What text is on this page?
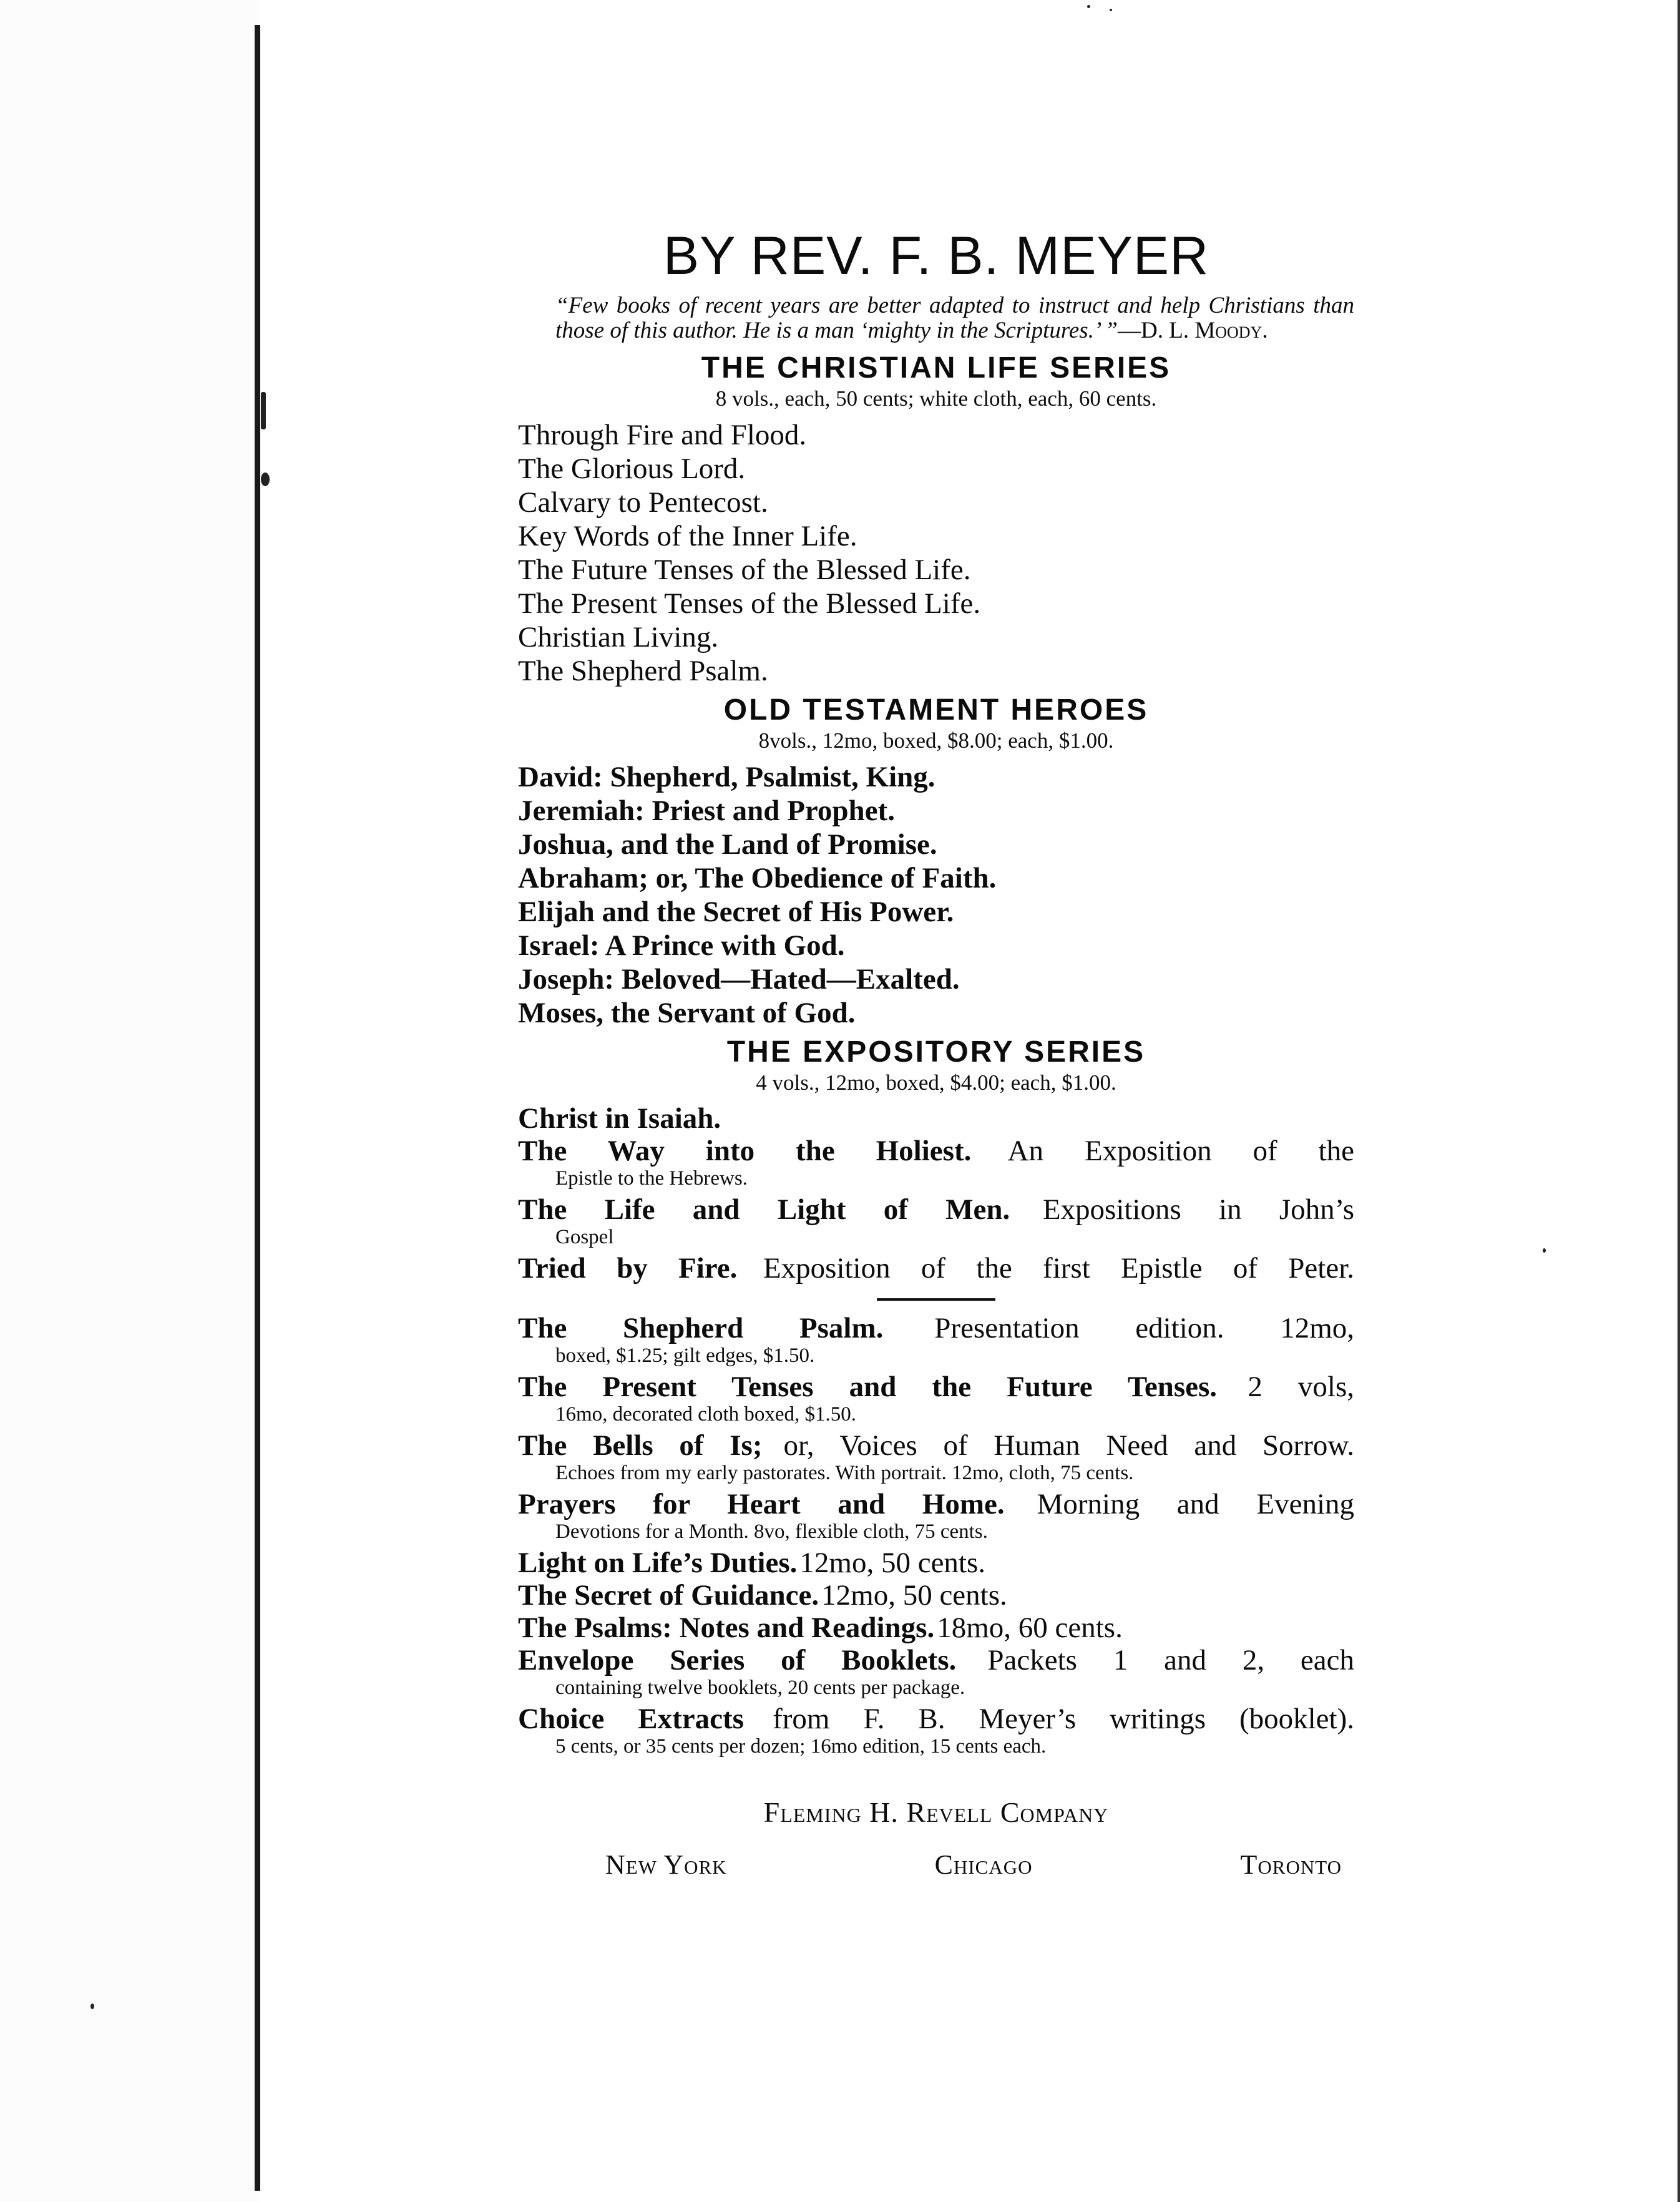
BY REV. F. B. MEYER

“Few books of recent years are better adapted to instruct and help Christians than those of this author. He is a man ‘mighty in the Scriptures.’ ”—D. L. Moody.

THE CHRISTIAN LIFE SERIES

8 vols., each, 50 cents; white cloth, each, 60 cents.

Through Fire and Flood.
The Glorious Lord.
Calvary to Pentecost.
Key Words of the Inner Life.
The Future Tenses of the Blessed Life.
The Present Tenses of the Blessed Life.
Christian Living.
The Shepherd Psalm.
OLD TESTAMENT HEROES

8vols., 12mo, boxed, $8.00; each, $1.00.

David: Shepherd, Psalmist, King.
Jeremiah: Priest and Prophet.
Joshua, and the Land of Promise.
Abraham; or, The Obedience of Faith.
Elijah and the Secret of His Power.
Israel: A Prince with God.
Joseph: Beloved—Hated—Exalted.
Moses, the Servant of God.
THE EXPOSITORY SERIES

4 vols., 12mo, boxed, $4.00; each, $1.00.

Christ in Isaiah.
The Way into the Holiest. An Exposition of the
Epistle to the Hebrews.
The Life and Light of Men. Expositions in John’s
Gospel
Tried by Fire. Exposition of the first Epistle of Peter.
The Shepherd Psalm. Presentation edition. 12mo,
boxed, $1.25; gilt edges, $1.50.
The Present Tenses and the Future Tenses. 2 vols,
16mo, decorated cloth boxed, $1.50.
The Bells of Is; or, Voices of Human Need and Sorrow.
Echoes from my early pastorates. With portrait. 12mo, cloth, 75 cents.
Prayers for Heart and Home. Morning and Evening
Devotions for a Month. 8vo, flexible cloth, 75 cents.
Light on Life’s Duties. 12mo, 50 cents.
The Secret of Guidance. 12mo, 50 cents.
The Psalms: Notes and Readings. 18mo, 60 cents.
Envelope Series of Booklets. Packets 1 and 2, each
containing twelve booklets, 20 cents per package.
Choice Extracts from F. B. Meyer’s writings (booklet).
5 cents, or 35 cents per dozen; 16mo edition, 15 cents each.
Fleming H. Revell Company
New York	Chicago	Toronto
